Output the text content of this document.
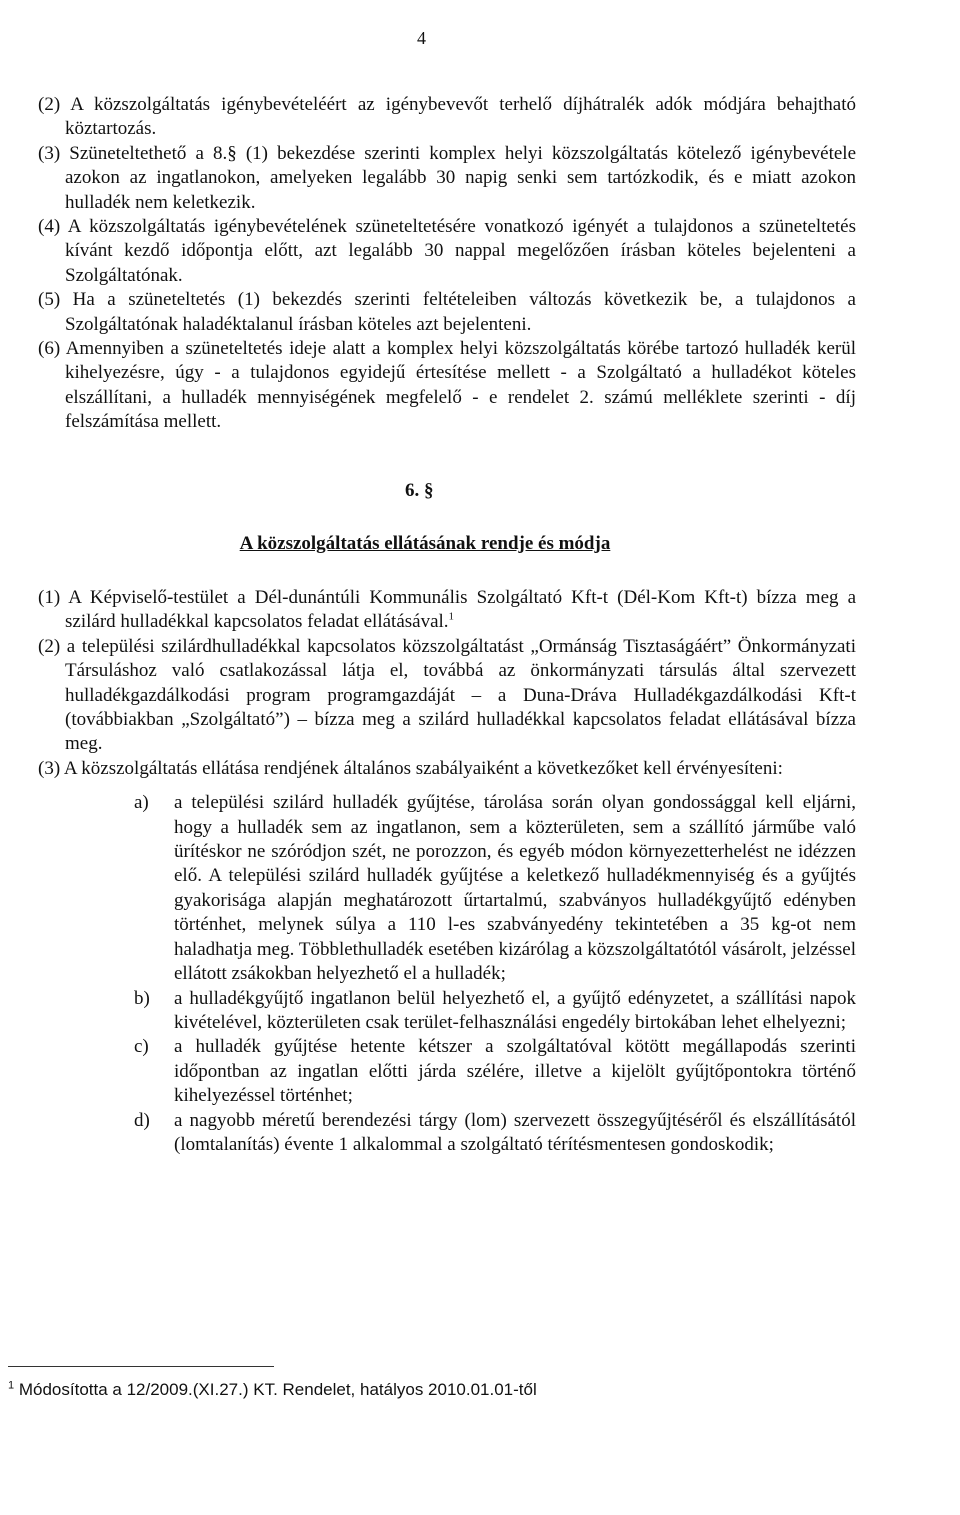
4

(2) A közszolgáltatás igénybevételéért az igénybevevőt terhelő díjhátralék adók módjára behajtható köztartozás.

(3) Szüneteltethető a 8.§ (1) bekezdése szerinti komplex helyi közszolgáltatás kötelező igénybevétele azokon az ingatlanokon, amelyeken legalább 30 napig senki sem tartózkodik, és e miatt azokon hulladék nem keletkezik.

(4) A közszolgáltatás igénybevételének szüneteltetésére vonatkozó igényét a tulajdonos a szüneteltetés kívánt kezdő időpontja előtt, azt legalább 30 nappal megelőzően írásban köteles bejelenteni a Szolgáltatónak.

(5) Ha a szüneteltetés (1) bekezdés szerinti feltételeiben változás következik be, a tulajdonos a Szolgáltatónak haladéktalanul írásban köteles azt bejelenteni.

(6) Amennyiben a szüneteltetés ideje alatt a komplex helyi közszolgáltatás körébe tartozó hulladék kerül kihelyezésre, úgy - a tulajdonos egyidejű értesítése mellett - a Szolgáltató a hulladékot köteles elszállítani, a hulladék mennyiségének megfelelő - e rendelet 2. számú melléklete szerinti - díj felszámítása mellett.

6. §
A közszolgáltatás ellátásának rendje és módja

(1) A Képviselő-testület a Dél-dunántúli Kommunális Szolgáltató Kft-t (Dél-Kom Kft-t) bízza meg a szilárd hulladékkal kapcsolatos feladat ellátásával.$^1$

(2) a települési szilárdhulladékkal kapcsolatos közszolgáltatást „Ormánság Tisztaságáért” Önkormányzati Társuláshoz való csatlakozással látja el, továbbá az önkormányzati társulás által szervezett hulladékgazdálkodási program programgazdáját – a Duna-Dráva Hulladékgazdálkodási Kft-t (továbbiakban „Szolgáltató”) – bízza meg a szilárd hulladékkal kapcsolatos feladat ellátásával bízza meg.

(3) A közszolgáltatás ellátása rendjének általános szabályaiként a következőket kell érvényesíteni:

a) a települési szilárd hulladék gyűjtése, tárolása során olyan gondossággal kell eljárni, hogy a hulladék sem az ingatlanon, sem a közterületen, sem a szállító járműbe való ürítéskor ne szóródjon szét, ne porozzon, és egyéb módon környezetterhelést ne idézzen elő. A települési szilárd hulladék gyűjtése a keletkező hulladékmennyiség és a gyűjtés gyakorisága alapján meghatározott űrtartalmú, szabványos hulladékgyűjtő edényben történhet, melynek súlya a 110 l-es szabványedény tekintetében a 35 kg-ot nem haladhatja meg. Többlethulladék esetében kizárólag a közszolgáltatótól vásárolt, jelzéssel ellátott zsákokban helyezhető el a hulladék;

b) a hulladékgyűjtő ingatlanon belül helyezhető el, a gyűjtő edényzetet, a szállítási napok kivételével, közterületen csak terület-felhasználási engedély birtokában lehet elhelyezni;

c) a hulladék gyűjtése hetente kétszer a szolgáltatóval kötött megállapodás szerinti időpontban az ingatlan előtti járda szélére, illetve a kijelölt gyűjtőpontokra történő kihelyezéssel történhet;

d) a nagyobb méretű berendezési tárgy (lom) szervezett összegyűjtéséről és elszállításától (lomtalanítás) évente 1 alkalommal a szolgáltató térítésmentesen gondoskodik;

$^1$ Módosította a 12/2009.(XI.27.) KT. Rendelet, hatályos 2010.01.01-től
